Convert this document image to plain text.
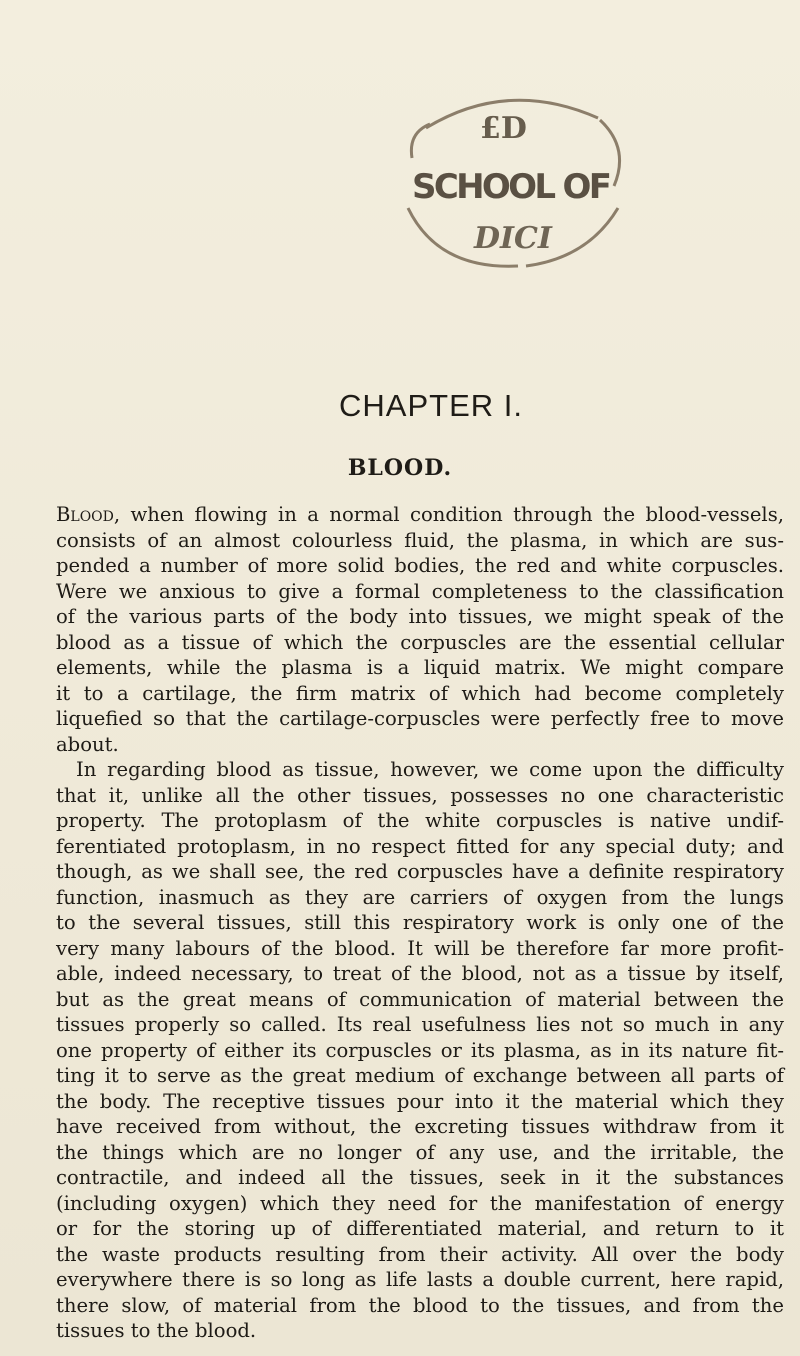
£D
SCHOOL OF
DICI
CHAPTER I.
BLOOD.
Blood, when flowing in a normal condition through the blood-vessels,
consists of an almost colourless fluid, the plasma, in which are sus-
pended a number of more solid bodies, the red and white corpuscles.
Were we anxious to give a formal completeness to the classification
of the various parts of the body into tissues, we might speak of the
blood as a tissue of which the corpuscles are the essential cellular
elements, while the plasma is a liquid matrix. We might compare
it to a cartilage, the firm matrix of which had become completely
liquefied so that the cartilage-corpuscles were perfectly free to move
about.
In regarding blood as tissue, however, we come upon the difficulty
that it, unlike all the other tissues, possesses no one characteristic
property. The protoplasm of the white corpuscles is native undif-
ferentiated protoplasm, in no respect fitted for any special duty; and
though, as we shall see, the red corpuscles have a definite respiratory
function, inasmuch as they are carriers of oxygen from the lungs
to the several tissues, still this respiratory work is only one of the
very many labours of the blood. It will be therefore far more profit-
able, indeed necessary, to treat of the blood, not as a tissue by itself,
but as the great means of communication of material between the
tissues properly so called. Its real usefulness lies not so much in any
one property of either its corpuscles or its plasma, as in its nature fit-
ting it to serve as the great medium of exchange between all parts of
the body. The receptive tissues pour into it the material which they
have received from without, the excreting tissues withdraw from it
the things which are no longer of any use, and the irritable, the
contractile, and indeed all the tissues, seek in it the substances
(including oxygen) which they need for the manifestation of energy
or for the storing up of differentiated material, and return to it
the waste products resulting from their activity. All over the body
everywhere there is so long as life lasts a double current, here rapid,
there slow, of material from the blood to the tissues, and from the
tissues to the blood.
